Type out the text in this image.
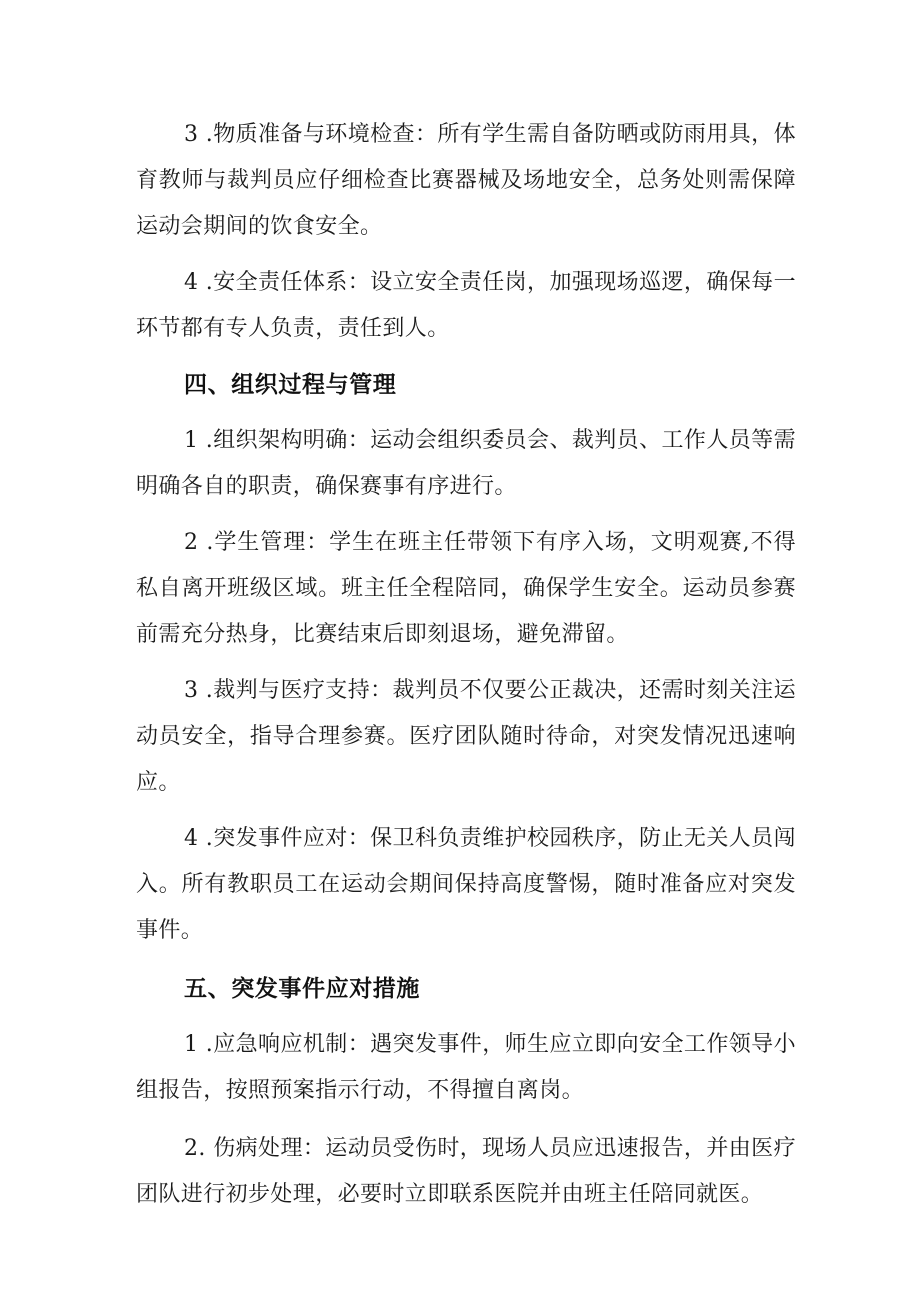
3 .物质准备与环境检查：所有学生需自备防晒或防雨用具，体育教师与裁判员应仔细检查比赛器械及场地安全，总务处则需保障运动会期间的饮食安全。

4 .安全责任体系：设立安全责任岗，加强现场巡逻，确保每一环节都有专人负责，责任到人。

四、组织过程与管理

1 .组织架构明确：运动会组织委员会、裁判员、工作人员等需明确各自的职责，确保赛事有序进行。

2 .学生管理：学生在班主任带领下有序入场，文明观赛,不得私自离开班级区域。班主任全程陪同，确保学生安全。运动员参赛前需充分热身，比赛结束后即刻退场，避免滞留。

3 .裁判与医疗支持：裁判员不仅要公正裁决，还需时刻关注运动员安全，指导合理参赛。医疗团队随时待命，对突发情况迅速响应。

4 .突发事件应对：保卫科负责维护校园秩序，防止无关人员闯入。所有教职员工在运动会期间保持高度警惕，随时准备应对突发事件。

五、突发事件应对措施

1 .应急响应机制：遇突发事件，师生应立即向安全工作领导小组报告，按照预案指示行动，不得擅自离岗。

2. 伤病处理：运动员受伤时，现场人员应迅速报告，并由医疗团队进行初步处理，必要时立即联系医院并由班主任陪同就医。
